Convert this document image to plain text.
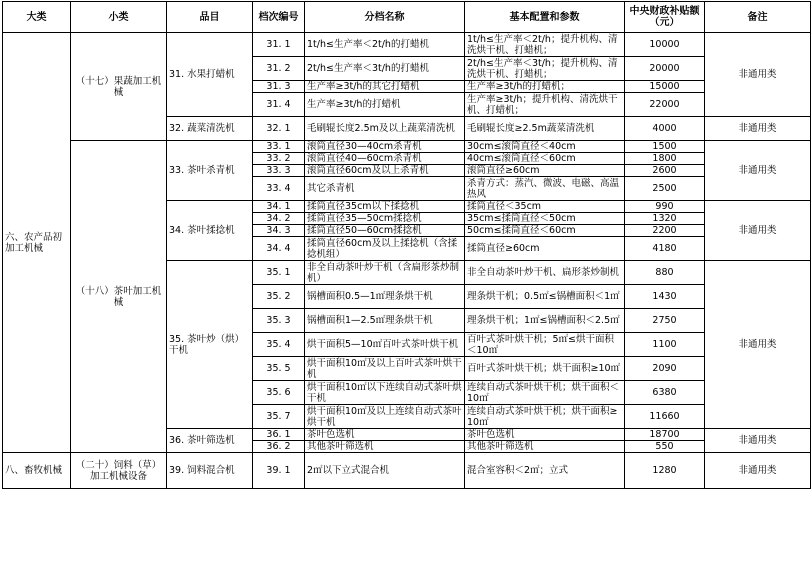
大类	小类	品目	档次编号	分档名称	基本配置和参数	中央财政补贴额（元）	备注
六、农产品初加工机械	（十七）果蔬加工机械	31. 水果打蜡机	31. 1	1t/h≤生产率＜2t/h的打蜡机	1t/h≤生产率＜2t/h；提升机构、清洗烘干机、打蜡机；	10000	非通用类
			31. 2	2t/h≤生产率＜3t/h的打蜡机	2t/h≤生产率＜3t/h；提升机构、清洗烘干机、打蜡机；	20000	
			31. 3	生产率≥3t/h的其它打蜡机	生产率≥3t/h的打蜡机；	15000	
			31. 4	生产率≥3t/h的打蜡机	生产率≥3t/h；提升机构、清洗烘干机、打蜡机；	22000	
		32. 蔬菜清洗机	32. 1	毛刷辊长度2.5m及以上蔬菜清洗机	毛刷辊长度≥2.5m蔬菜清洗机	4000	非通用类
	（十八）茶叶加工机械	33. 茶叶杀青机	33. 1	滚筒直径30—40cm杀青机	30cm≤滚筒直径＜40cm	1500	非通用类
			33. 2	滚筒直径40—60cm杀青机	40cm≤滚筒直径＜60cm	1800	
			33. 3	滚筒直径60cm及以上杀青机	滚筒直径≥60cm	2600	
			33. 4	其它杀青机	杀青方式：蒸汽、微波、电磁、高温热风	2500	
		34. 茶叶揉捻机	34. 1	揉筒直径35cm以下揉捻机	揉筒直径＜35cm	990	非通用类
			34. 2	揉筒直径35—50cm揉捻机	35cm≤揉筒直径＜50cm	1320	
			34. 3	揉筒直径50—60cm揉捻机	50cm≤揉筒直径＜60cm	2200	
			34. 4	揉筒直径60cm及以上揉捻机（含揉捻机组）	揉筒直径≥60cm	4180	
		35. 茶叶炒（烘）干机	35. 1	非全自动茶叶炒干机（含扁形茶炒制机）	非全自动茶叶炒干机、扁形茶炒制机	880	非通用类
			35. 2	锅槽面积0.5—1㎡理条烘干机	理条烘干机；0.5㎡≤锅槽面积＜1㎡	1430	
			35. 3	锅槽面积1—2.5㎡理条烘干机	理条烘干机；1㎡≤锅槽面积＜2.5㎡	2750	
			35. 4	烘干面积5—10㎡百叶式茶叶烘干机	百叶式茶叶烘干机；5㎡≤烘干面积＜10㎡	1100	
			35. 5	烘干面积10㎡及以上百叶式茶叶烘干机	百叶式茶叶烘干机；烘干面积≥10㎡	2090	
			35. 6	烘干面积10㎡以下连续自动式茶叶烘干机	连续自动式茶叶烘干机；烘干面积＜10㎡	6380	
			35. 7	烘干面积10㎡及以上连续自动式茶叶烘干机	连续自动式茶叶烘干机；烘干面积≥10㎡	11660	
		36. 茶叶筛选机	36. 1	茶叶色选机	茶叶色选机	18700	非通用类
			36. 2	其他茶叶筛选机	其他茶叶筛选机	550	
八、畜牧机械	（二十）饲料（草）加工机械设备	39. 饲料混合机	39. 1	2㎡以下立式混合机	混合室容积＜2㎡；立式	1280	非通用类
